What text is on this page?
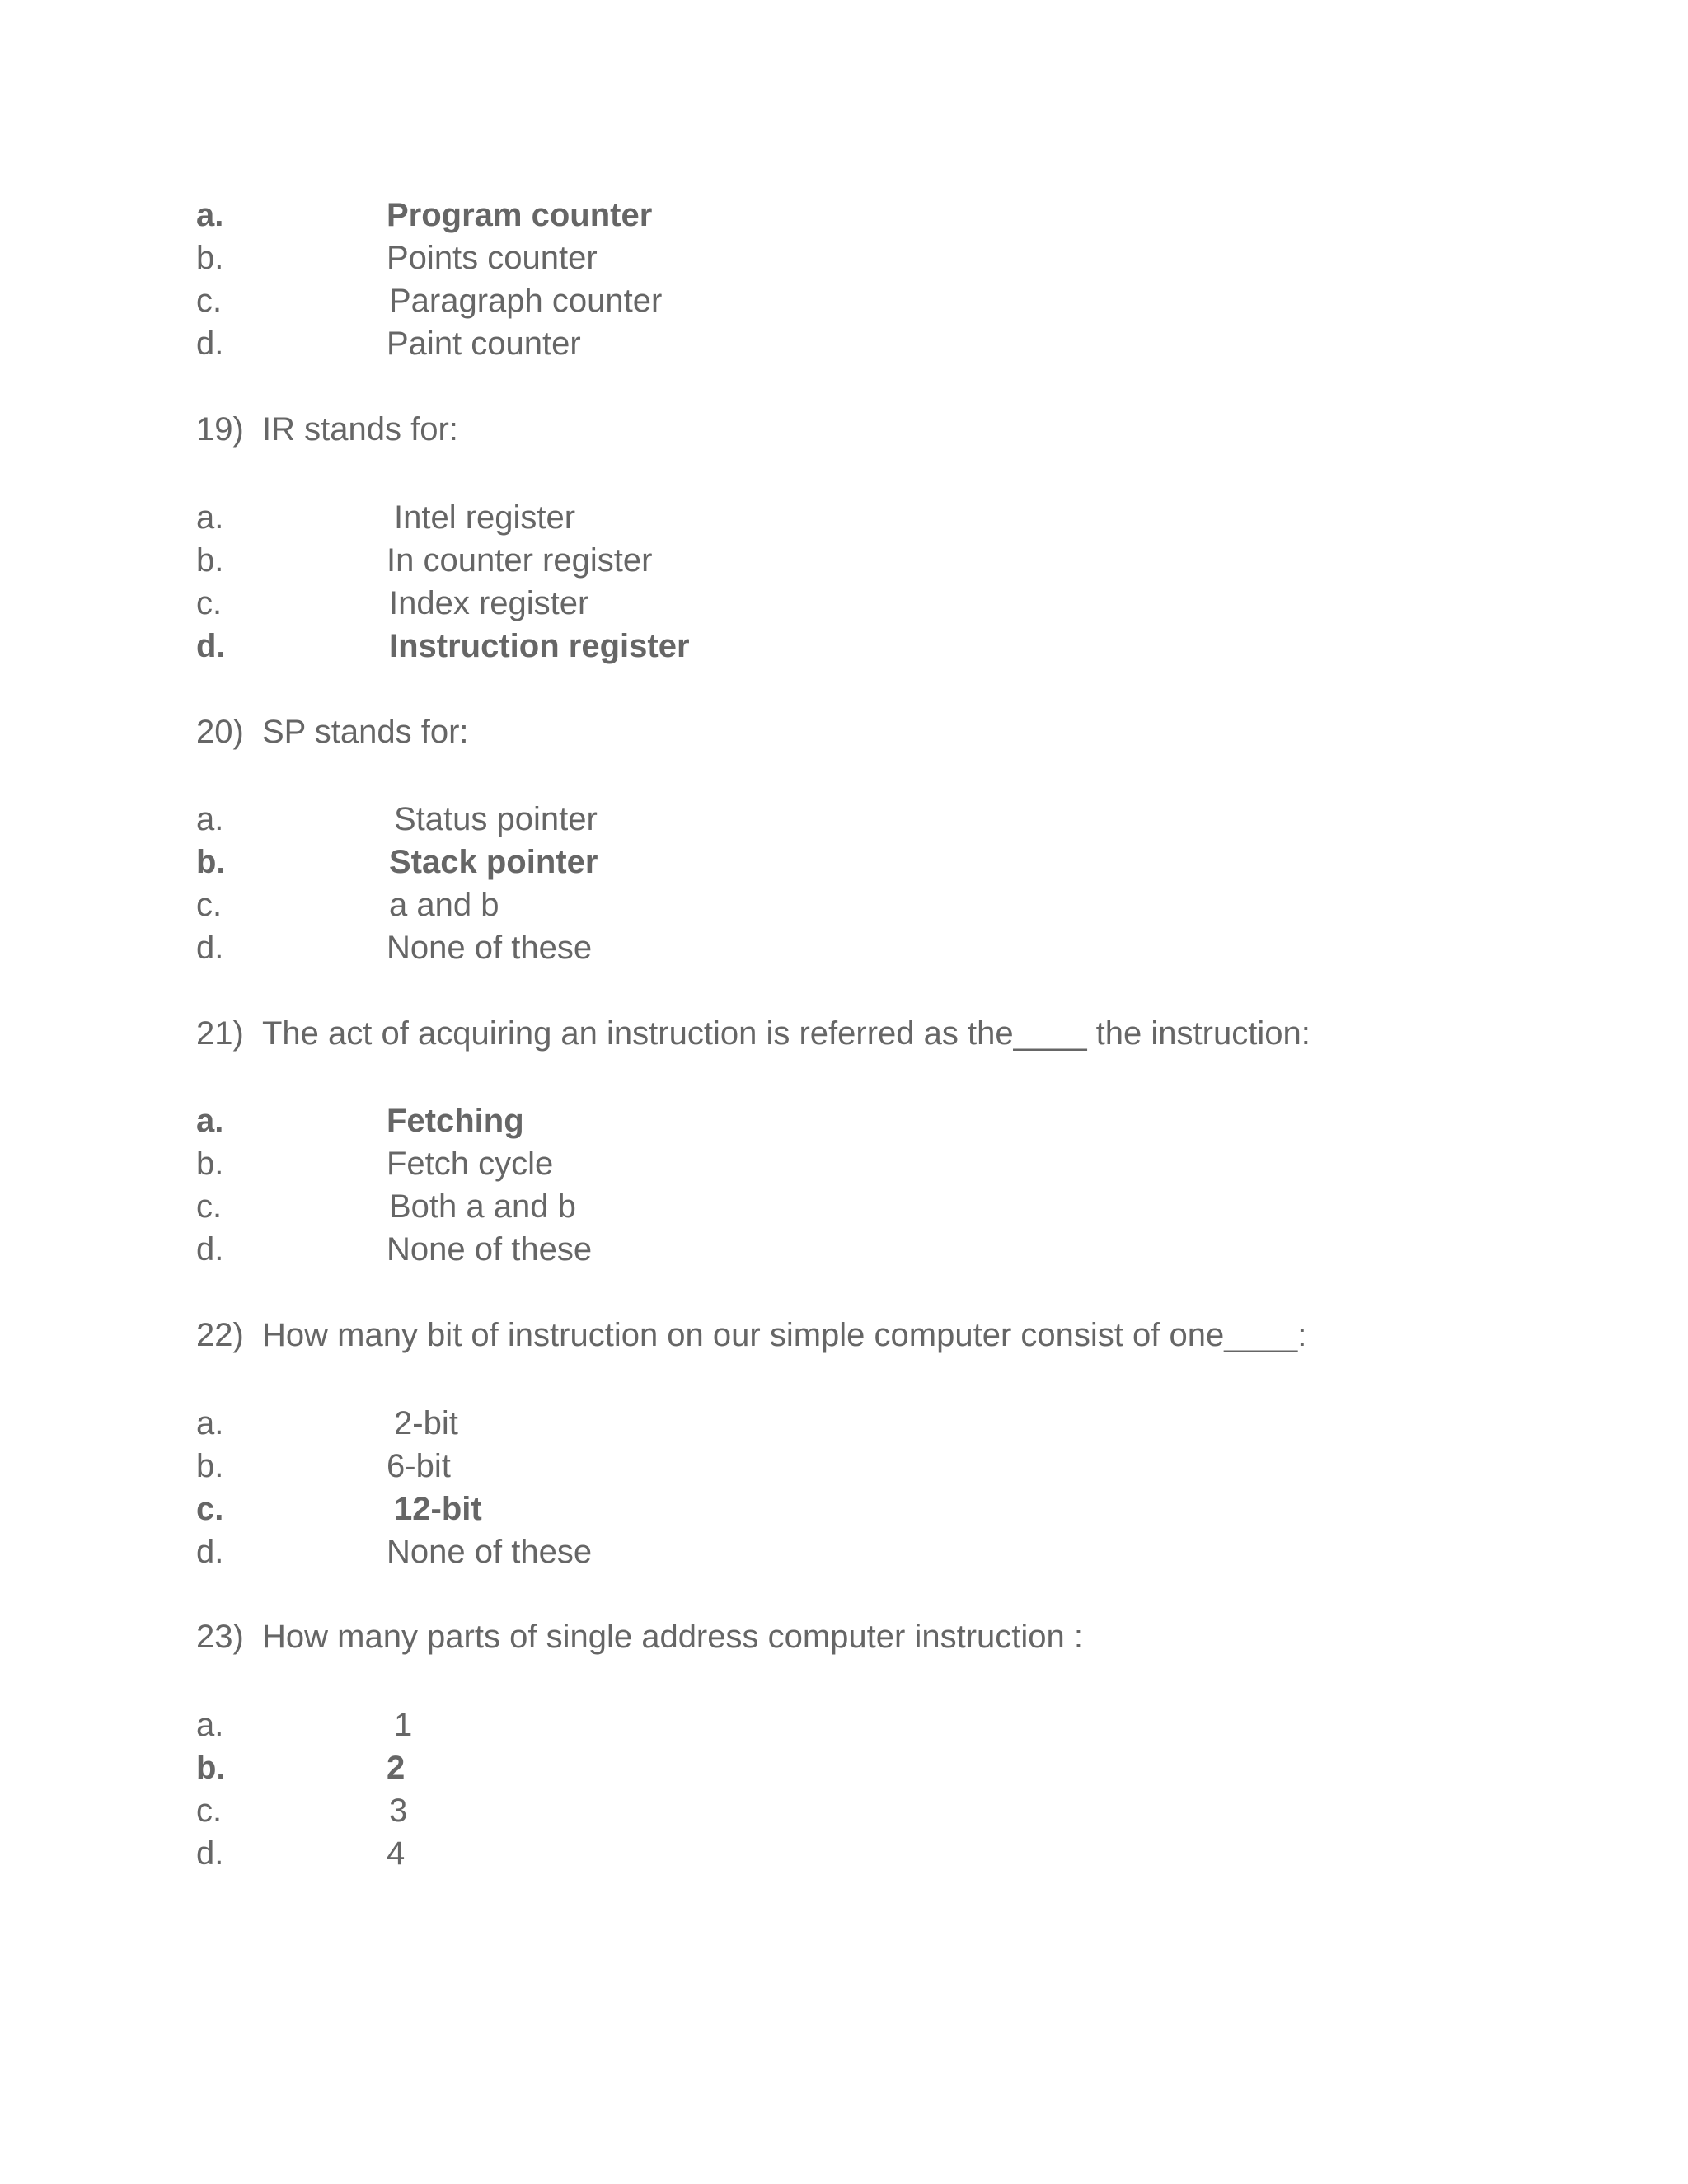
a.	Program counter
b.	Points counter
c.	Paragraph counter
d.	Paint counter
19) IR stands for:
a.	Intel register
b.	In counter register
c.	Index register
d.	Instruction register
20) SP stands for:
a.	Status pointer
b.	Stack pointer
c.	a and b
d.	None of these
21) The act of acquiring an instruction is referred as the____ the instruction:
a.	Fetching
b.	Fetch cycle
c.	Both a and b
d.	None of these
22) How many bit of instruction on our simple computer consist of one____:
a.	2-bit
b.	6-bit
c.	12-bit
d.	None of these
23) How many parts of single address computer instruction :
a.	1
b.	2
c.	3
d.	4
